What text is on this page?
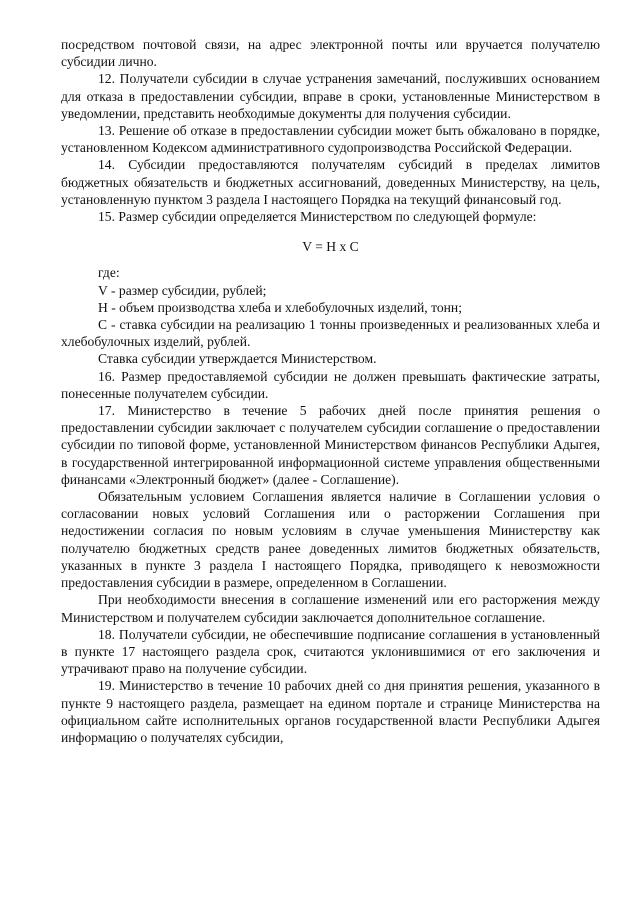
посредством почтовой связи, на адрес электронной почты или вручается получателю субсидии лично.

12. Получатели субсидии в случае устранения замечаний, послуживших основанием для отказа в предоставлении субсидии, вправе в сроки, установленные Министерством в уведомлении, представить необходимые документы для получения субсидии.

13. Решение об отказе в предоставлении субсидии может быть обжаловано в порядке, установленном Кодексом административного судопроизводства Российской Федерации.

14. Субсидии предоставляются получателям субсидий в пределах лимитов бюджетных обязательств и бюджетных ассигнований, доведенных Министерству, на цель, установленную пунктом 3 раздела I настоящего Порядка на текущий финансовый год.

15. Размер субсидии определяется Министерством по следующей формуле:

V = H x C

где:

V - размер субсидии, рублей;

H - объем производства хлеба и хлебобулочных изделий, тонн;

C - ставка субсидии на реализацию 1 тонны произведенных и реализованных хлеба и хлебобулочных изделий, рублей.

Ставка субсидии утверждается Министерством.

16. Размер предоставляемой субсидии не должен превышать фактические затраты, понесенные получателем субсидии.

17. Министерство в течение 5 рабочих дней после принятия решения о предоставлении субсидии заключает с получателем субсидии соглашение о предоставлении субсидии по типовой форме, установленной Министерством финансов Республики Адыгея, в государственной интегрированной информационной системе управления общественными финансами «Электронный бюджет» (далее - Соглашение).

Обязательным условием Соглашения является наличие в Соглашении условия о согласовании новых условий Соглашения или о расторжении Соглашения при недостижении согласия по новым условиям в случае уменьшения Министерству как получателю бюджетных средств ранее доведенных лимитов бюджетных обязательств, указанных в пункте 3 раздела I настоящего Порядка, приводящего к невозможности предоставления субсидии в размере, определенном в Соглашении.

При необходимости внесения в соглашение изменений или его расторжения между Министерством и получателем субсидии заключается дополнительное соглашение.

18. Получатели субсидии, не обеспечившие подписание соглашения в установленный в пункте 17 настоящего раздела срок, считаются уклонившимися от его заключения и утрачивают право на получение субсидии.

19. Министерство в течение 10 рабочих дней со дня принятия решения, указанного в пункте 9 настоящего раздела, размещает на едином портале и странице Министерства на официальном сайте исполнительных органов государственной власти Республики Адыгея информацию о получателях субсидии,
